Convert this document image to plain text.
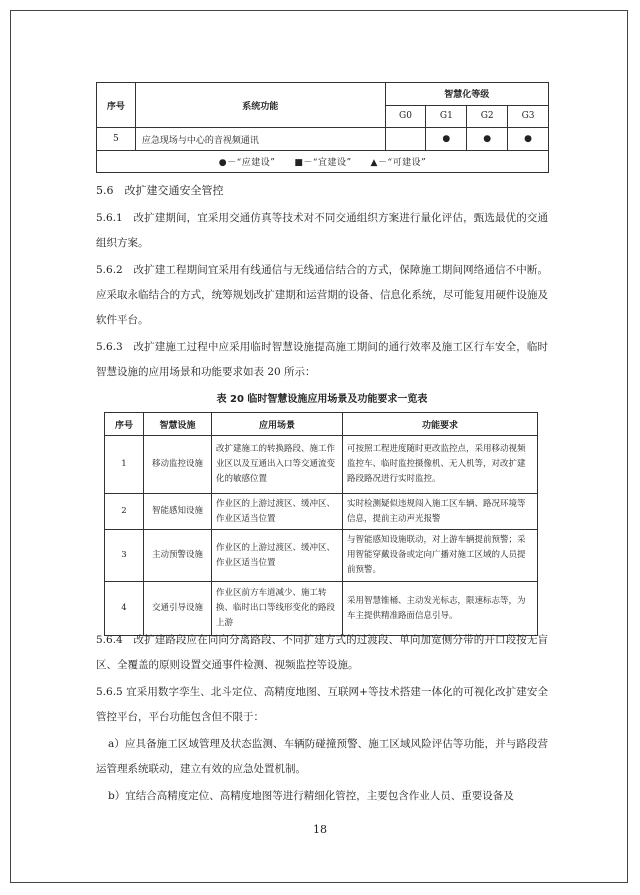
序号	系统功能	智慧化等级			
		G0	G1	G2	G3
5	应急现场与中心的音视频通讯		●	●	●
●－“应建设”　　■－“宜建设”　　▲－“可建设”					
5.6　改扩建交通安全管控

5.6.1　改扩建期间，宜采用交通仿真等技术对不同交通组织方案进行量化评估，甄选最优的交通组织方案。

5.6.2　改扩建工程期间宜采用有线通信与无线通信结合的方式，保障施工期间网络通信不中断。应采取永临结合的方式，统筹规划改扩建期和运营期的设备、信息化系统，尽可能复用硬件设施及软件平台。

5.6.3　改扩建施工过程中应采用临时智慧设施提高施工期间的通行效率及施工区行车安全，临时智慧设施的应用场景和功能要求如表 20 所示：

表 20 临时智慧设施应用场景及功能要求一览表
序号	智慧设施	应用场景	功能要求
1	移动监控设施	改扩建施工的转换路段、施工作业区以及互通出入口等交通流变化的敏感位置	可按照工程进度随时更改监控点，采用移动视频监控车、临时监控摄像机、无人机等，对改扩建路段路况进行实时监控。
2	智能感知设施	作业区的上游过渡区、缓冲区、作业区适当位置	实时检测疑似违规闯入施工区车辆、路况环境等信息，提前主动声光报警
3	主动预警设施	作业区的上游过渡区、缓冲区、作业区适当位置	与智能感知设施联动，对上游车辆提前预警；采用智能穿戴设备或定向广播对施工区域的人员提前预警。
4	交通引导设施	作业区前方车道减少、施工转换、临时出口等线形变化的路段上游	采用智慧锥桶、主动发光标志，限速标志等，为车主提供精准路面信息引导。

5.6.4　改扩建路段应在同向分离路段、不同扩建方式的过渡段、单向加宽侧分带的开口段按无盲区、全覆盖的原则设置交通事件检测、视频监控等设施。

5.6.5 宜采用数字孪生、北斗定位、高精度地图、互联网+等技术搭建一体化的可视化改扩建安全管控平台，平台功能包含但不限于：

a）应具备施工区域管理及状态监测、车辆防碰撞预警、施工区域风险评估等功能，并与路段营运管理系统联动，建立有效的应急处置机制。

b）宜结合高精度定位、高精度地图等进行精细化管控，主要包含作业人员、重要设备及

18
